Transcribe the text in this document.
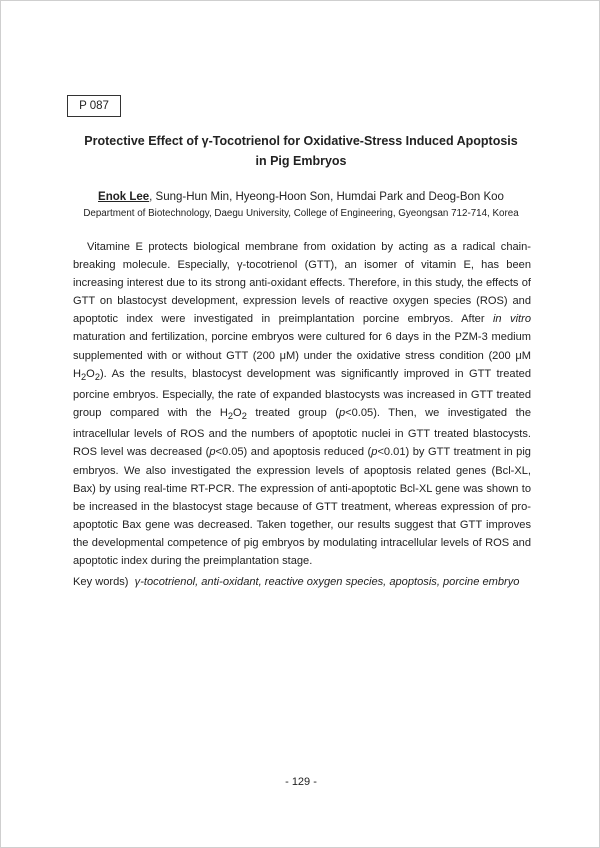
P 087
Protective Effect of γ-Tocotrienol for Oxidative-Stress Induced Apoptosis
in Pig Embryos
Enok Lee, Sung-Hun Min, Hyeong-Hoon Son, Humdai Park and Deog-Bon Koo
Department of Biotechnology, Daegu University, College of Engineering, Gyeongsan 712-714, Korea

Vitamine E protects biological membrane from oxidation by acting as a radical chain-breaking molecule. Especially, γ-tocotrienol (GTT), an isomer of vitamin E, has been increasing interest due to its strong anti-oxidant effects. Therefore, in this study, the effects of GTT on blastocyst development, expression levels of reactive oxygen species (ROS) and apoptotic index were investigated in preimplantation porcine embryos. After in vitro maturation and fertilization, porcine embryos were cultured for 6 days in the PZM-3 medium supplemented with or without GTT (200 μM) under the oxidative stress condition (200 μM $H_2O_2$). As the results, blastocyst development was significantly improved in GTT treated porcine embryos. Especially, the rate of expanded blastocysts was increased in GTT treated group compared with the $H_2O_2$ treated group (p<0.05). Then, we investigated the intracellular levels of ROS and the numbers of apoptotic nuclei in GTT treated blastocysts. ROS level was decreased (p<0.05) and apoptosis reduced (p<0.01) by GTT treatment in pig embryos. We also investigated the expression levels of apoptosis related genes (Bcl-XL, Bax) by using real-time RT-PCR. The expression of anti-apoptotic Bcl-XL gene was shown to be increased in the blastocyst stage because of GTT treatment, whereas expression of pro-apoptotic Bax gene was decreased. Taken together, our results suggest that GTT improves the developmental competence of pig embryos by modulating intracellular levels of ROS and apoptotic index during the preimplantation stage.

Key words) γ-tocotrienol, anti-oxidant, reactive oxygen species, apoptosis, porcine embryo
- 129 -
